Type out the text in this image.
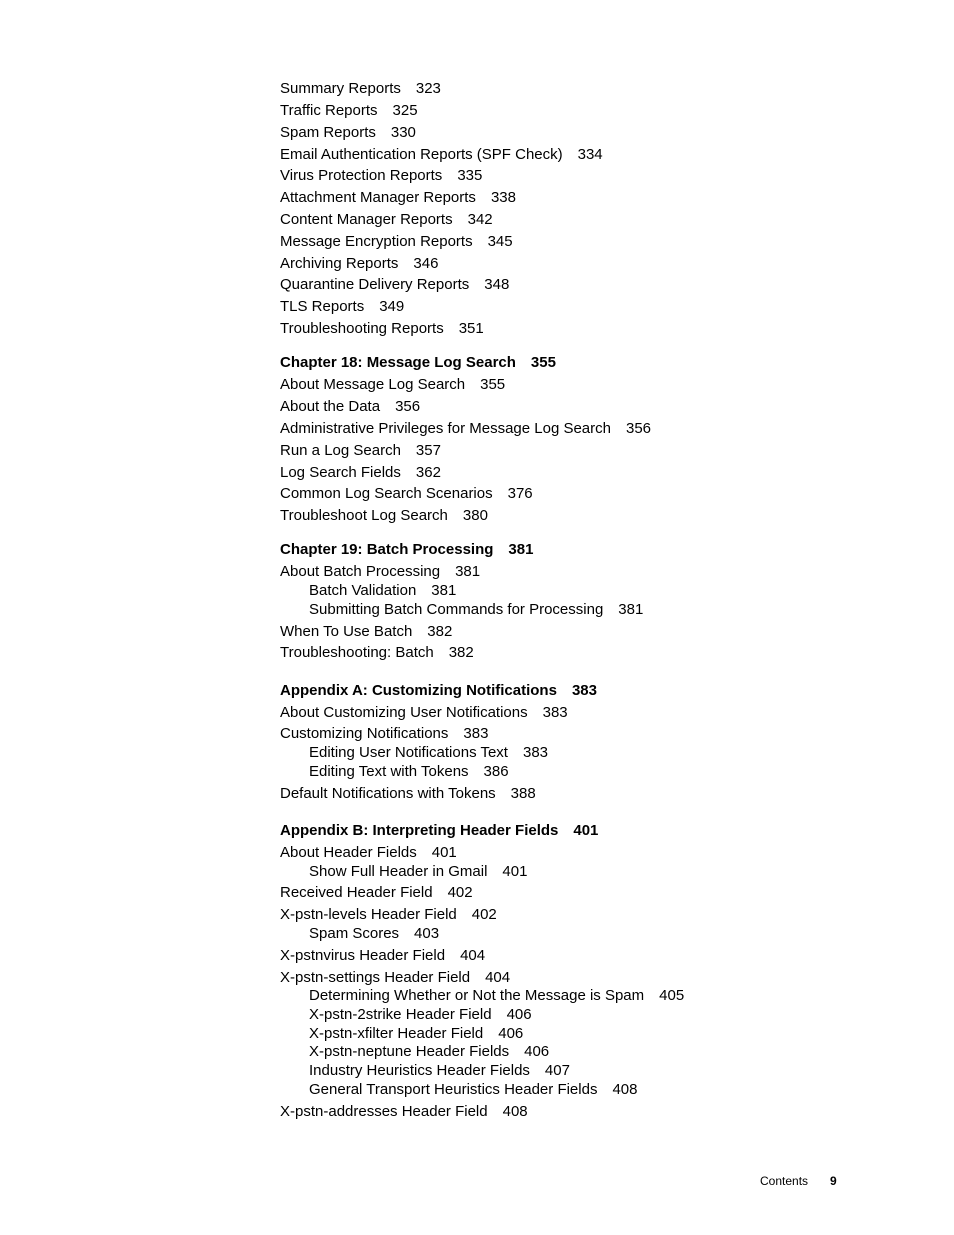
Summary Reports 323
Traffic Reports 325
Spam Reports 330
Email Authentication Reports (SPF Check) 334
Virus Protection Reports 335
Attachment Manager Reports 338
Content Manager Reports 342
Message Encryption Reports 345
Archiving Reports 346
Quarantine Delivery Reports 348
TLS Reports 349
Troubleshooting Reports 351
Chapter 18: Message Log Search 355
About Message Log Search 355
About the Data 356
Administrative Privileges for Message Log Search 356
Run a Log Search 357
Log Search Fields 362
Common Log Search Scenarios 376
Troubleshoot Log Search 380
Chapter 19: Batch Processing 381
About Batch Processing 381
Batch Validation 381
Submitting Batch Commands for Processing 381
When To Use Batch 382
Troubleshooting: Batch 382
Appendix A: Customizing Notifications 383
About Customizing User Notifications 383
Customizing Notifications 383
Editing User Notifications Text 383
Editing Text with Tokens 386
Default Notifications with Tokens 388
Appendix B: Interpreting Header Fields 401
About Header Fields 401
Show Full Header in Gmail 401
Received Header Field 402
X-pstn-levels Header Field 402
Spam Scores 403
X-pstnvirus Header Field 404
X-pstn-settings Header Field 404
Determining Whether or Not the Message is Spam 405
X-pstn-2strike Header Field 406
X-pstn-xfilter Header Field 406
X-pstn-neptune Header Fields 406
Industry Heuristics Header Fields 407
General Transport Heuristics Header Fields 408
X-pstn-addresses Header Field 408
Contents 9
